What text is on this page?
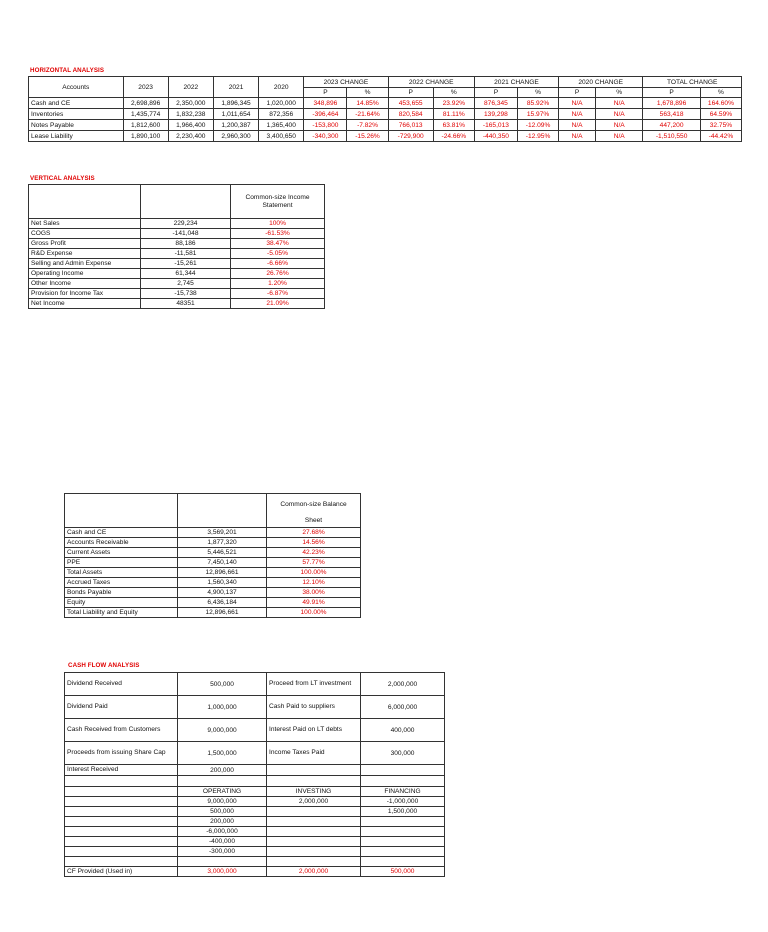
HORIZONTAL ANALYSIS
Accounts	2023	2022	2021	2020	2023 CHANGE		2022 CHANGE		2021 CHANGE		2020 CHANGE		TOTAL CHANGE	
					P	%	P	%	P	%	P	%	P	%
Cash and CE	2,698,896	2,350,000	1,896,345	1,020,000	348,896	14.85%	453,655	23.92%	876,345	85.92%	N/A	N/A	1,678,896	164.60%
Inventories	1,435,774	1,832,238	1,011,654	872,356	-396,464	-21.64%	820,584	81.11%	139,298	15.97%	N/A	N/A	563,418	64.59%
Notes Payable	1,812,600	1,966,400	1,200,387	1,365,400	-153,800	-7.82%	766,013	63.81%	-165,013	-12.09%	N/A	N/A	447,200	32.75%
Lease Liability	1,890,100	2,230,400	2,960,300	3,400,650	-340,300	-15.26%	-729,900	-24.66%	-440,350	-12.95%	N/A	N/A	-1,510,550	-44.42%
VERTICAL ANALYSIS
		Common-size Income Statement
Net Sales	229,234	100%
COGS	-141,048	-61.53%
Gross Profit	88,186	38.47%
R&D Expense	-11,581	-5.05%
Selling and Admin Expense	-15,261	-6.66%
Operating Income	61,344	26.76%
Other Income	2,745	1.20%
Provision for Income Tax	-15,738	-6.87%
Net Income	48351	21.09%

		Common-size Balance
Sheet

Cash and CE	3,569,201	27.68%
Accounts Receivable	1,877,320	14.56%
Current Assets	5,446,521	42.23%
PPE	7,450,140	57.77%
Total Assets	12,896,661	100.00%
Accrued Taxes	1,560,340	12.10%
Bonds Payable	4,900,137	38.00%
Equity	6,436,184	49.91%
Total Liability and Equity	12,896,661	100.00%
CASH FLOW ANALYSIS
Dividend Received	500,000	Proceed from LT investment	2,000,000
Dividend Paid	1,000,000	Cash Paid to suppliers	6,000,000
Cash Received from Customers	9,000,000	Interest Paid on LT debts	400,000
Proceeds from issuing Share Cap	1,500,000	Income Taxes Paid	300,000
Interest Received	200,000		

	OPERATING	INVESTING	FINANCING
	9,000,000	2,000,000	-1,000,000
	500,000		1,500,000
	200,000		
	-6,000,000		
	-400,000		
	-300,000		

CF Provided (Used in)	3,000,000	2,000,000	500,000
